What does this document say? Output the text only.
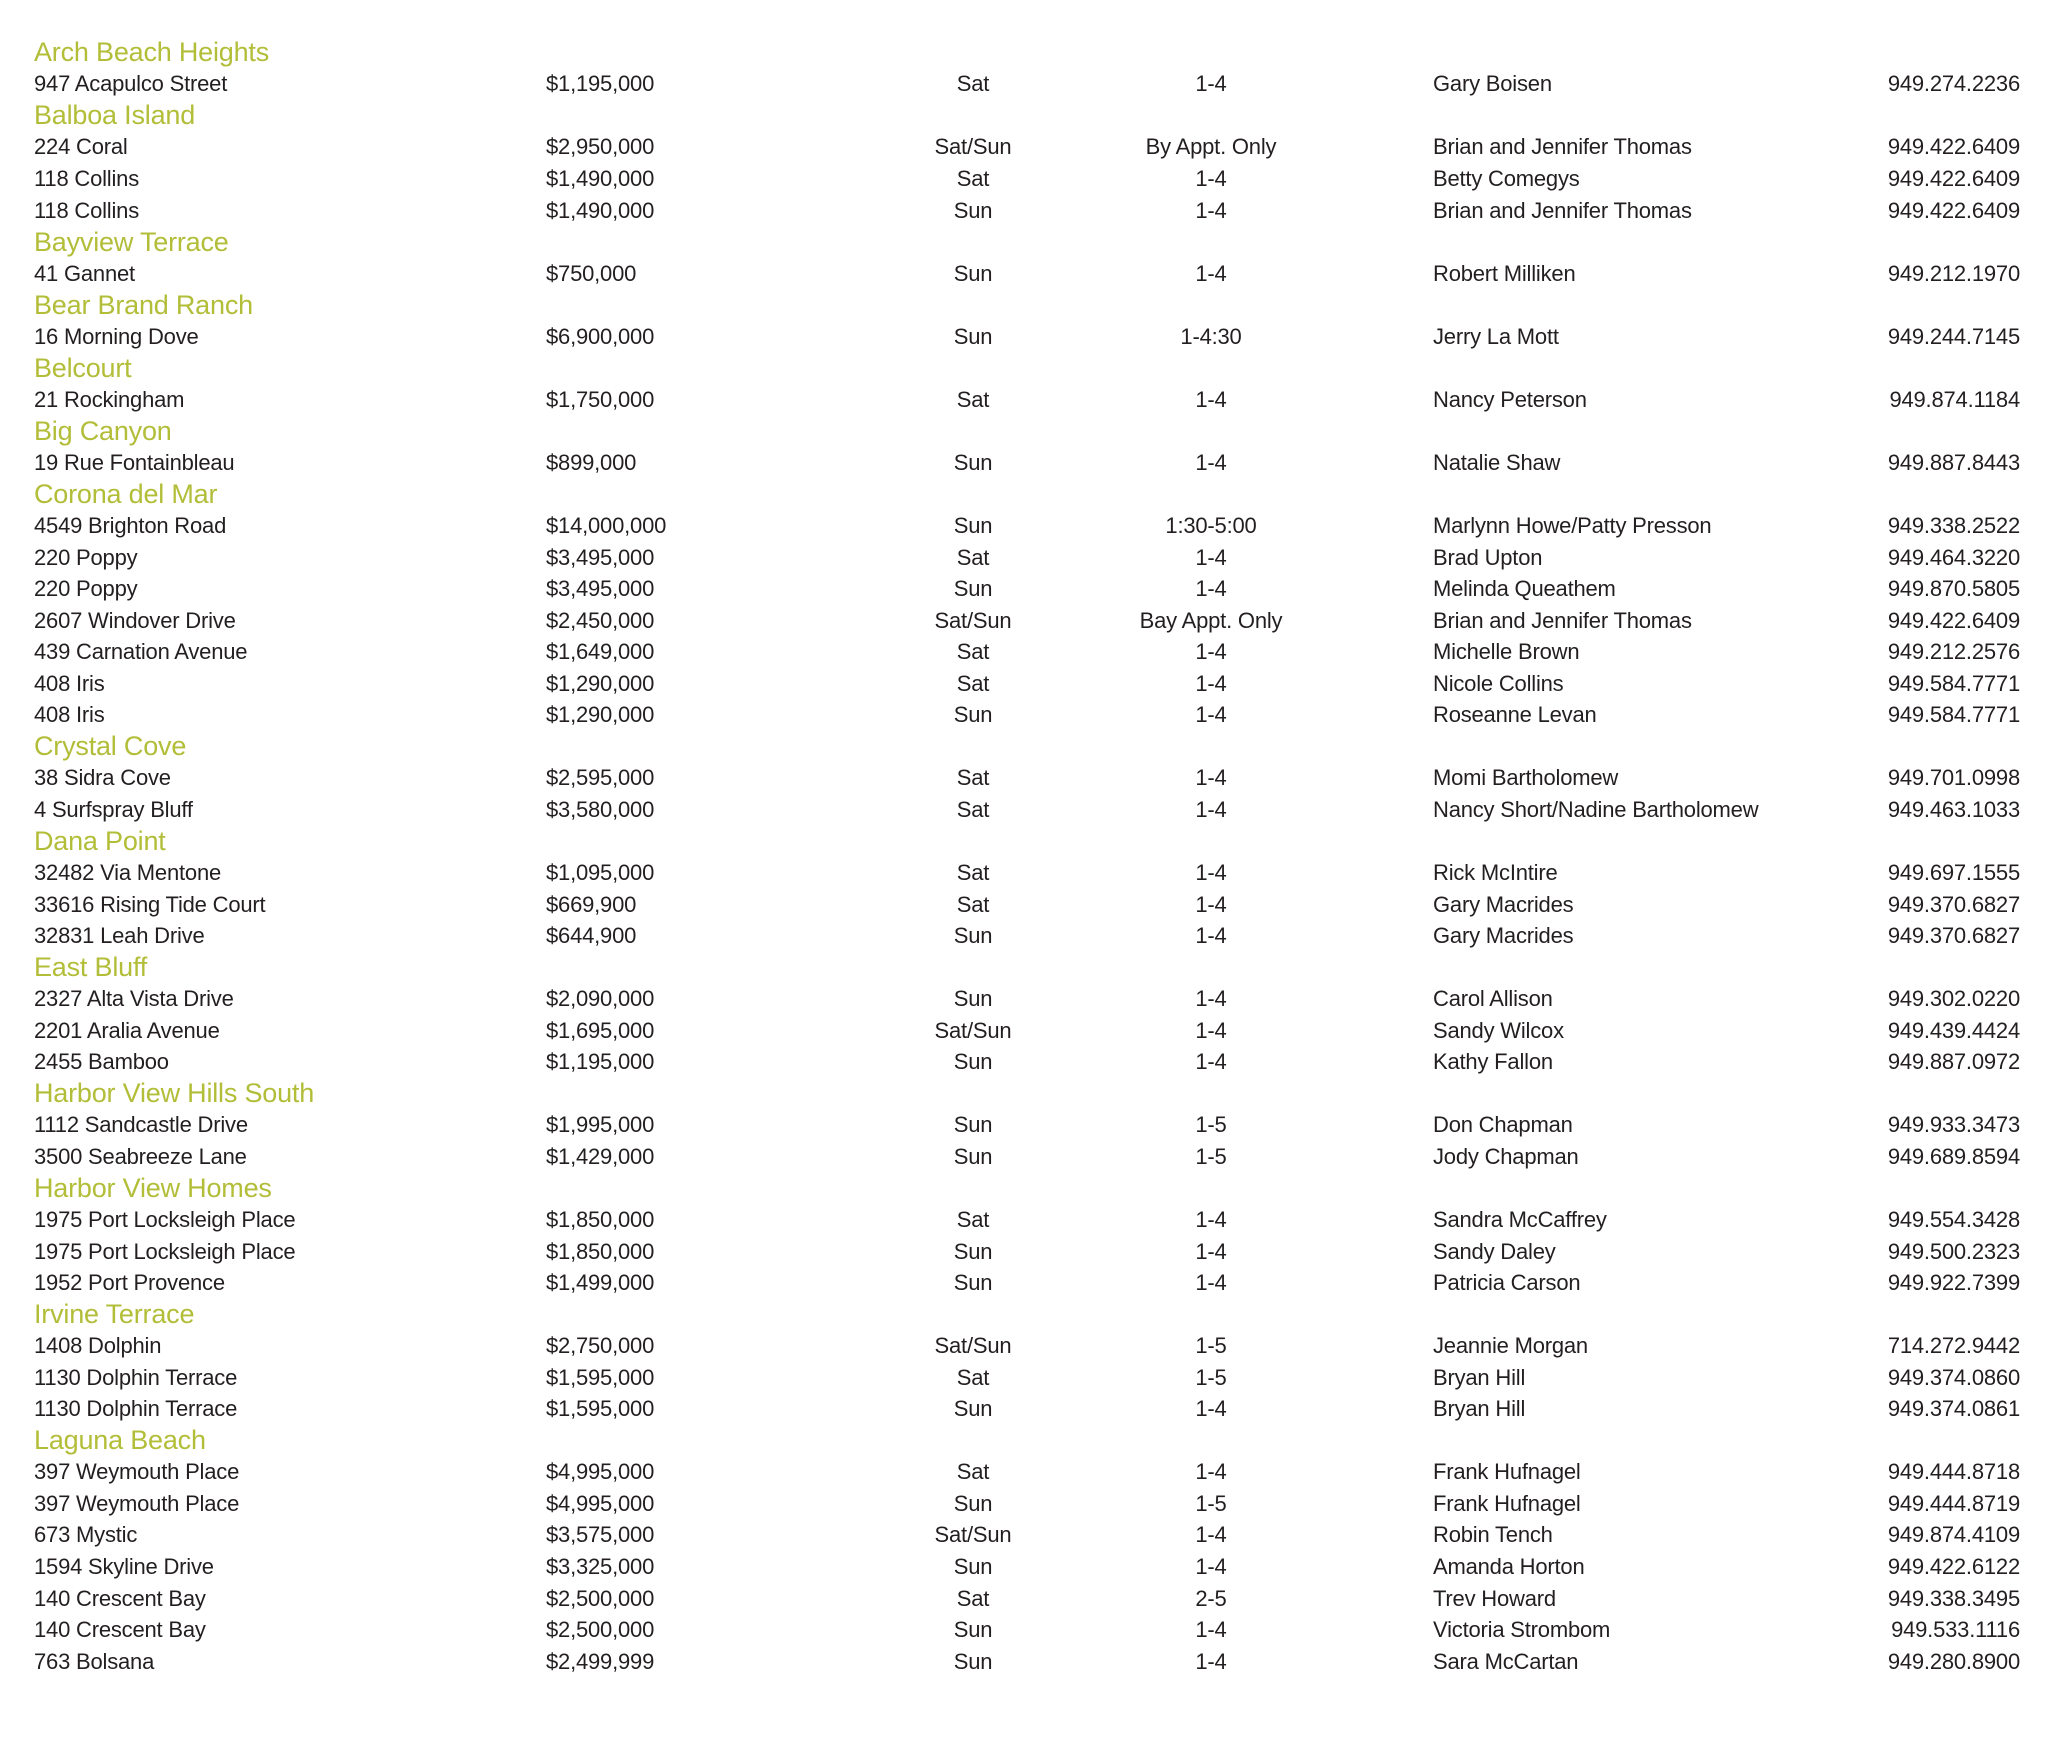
Arch Beach Heights
947 Acapulco Street	$1,195,000	Sat	1-4	Gary Boisen	949.274.2236
Balboa Island
224 Coral	$2,950,000	Sat/Sun	By Appt. Only	Brian and Jennifer Thomas	949.422.6409
118 Collins	$1,490,000	Sat	1-4	Betty Comegys	949.422.6409
118 Collins	$1,490,000	Sun	1-4	Brian and Jennifer Thomas	949.422.6409
Bayview Terrace
41 Gannet	$750,000	Sun	1-4	Robert Milliken	949.212.1970
Bear Brand Ranch
16 Morning Dove	$6,900,000	Sun	1-4:30	Jerry La Mott	949.244.7145
Belcourt
21 Rockingham	$1,750,000	Sat	1-4	Nancy Peterson	949.874.1184
Big Canyon
19 Rue Fontainbleau	$899,000	Sun	1-4	Natalie Shaw	949.887.8443
Corona del Mar
4549 Brighton Road	$14,000,000	Sun	1:30-5:00	Marlynn Howe/Patty Presson	949.338.2522
220 Poppy	$3,495,000	Sat	1-4	Brad Upton	949.464.3220
220 Poppy	$3,495,000	Sun	1-4	Melinda Queathem	949.870.5805
2607 Windover Drive	$2,450,000	Sat/Sun	Bay Appt. Only	Brian and Jennifer Thomas	949.422.6409
439 Carnation Avenue	$1,649,000	Sat	1-4	Michelle Brown	949.212.2576
408 Iris	$1,290,000	Sat	1-4	Nicole Collins	949.584.7771
408 Iris	$1,290,000	Sun	1-4	Roseanne Levan	949.584.7771
Crystal Cove
38 Sidra Cove	$2,595,000	Sat	1-4	Momi Bartholomew	949.701.0998
4 Surfspray Bluff	$3,580,000	Sat	1-4	Nancy Short/Nadine Bartholomew	949.463.1033
Dana Point
32482 Via Mentone	$1,095,000	Sat	1-4	Rick McIntire	949.697.1555
33616 Rising Tide Court	$669,900	Sat	1-4	Gary Macrides	949.370.6827
32831 Leah Drive	$644,900	Sun	1-4	Gary Macrides	949.370.6827
East Bluff
2327 Alta Vista Drive	$2,090,000	Sun	1-4	Carol Allison	949.302.0220
2201 Aralia Avenue	$1,695,000	Sat/Sun	1-4	Sandy Wilcox	949.439.4424
2455 Bamboo	$1,195,000	Sun	1-4	Kathy Fallon	949.887.0972
Harbor View Hills South
1112 Sandcastle Drive	$1,995,000	Sun	1-5	Don Chapman	949.933.3473
3500 Seabreeze Lane	$1,429,000	Sun	1-5	Jody Chapman	949.689.8594
Harbor View Homes
1975 Port Locksleigh Place	$1,850,000	Sat	1-4	Sandra McCaffrey	949.554.3428
1975 Port Locksleigh Place	$1,850,000	Sun	1-4	Sandy Daley	949.500.2323
1952 Port Provence	$1,499,000	Sun	1-4	Patricia Carson	949.922.7399
Irvine Terrace
1408 Dolphin	$2,750,000	Sat/Sun	1-5	Jeannie Morgan	714.272.9442
1130 Dolphin Terrace	$1,595,000	Sat	1-5	Bryan Hill	949.374.0860
1130 Dolphin Terrace	$1,595,000	Sun	1-4	Bryan Hill	949.374.0861
Laguna Beach
397 Weymouth Place	$4,995,000	Sat	1-4	Frank Hufnagel	949.444.8718
397 Weymouth Place	$4,995,000	Sun	1-5	Frank Hufnagel	949.444.8719
673 Mystic	$3,575,000	Sat/Sun	1-4	Robin Tench	949.874.4109
1594 Skyline Drive	$3,325,000	Sun	1-4	Amanda Horton	949.422.6122
140 Crescent Bay	$2,500,000	Sat	2-5	Trev Howard	949.338.3495
140 Crescent Bay	$2,500,000	Sun	1-4	Victoria Strombom	949.533.1116
763 Bolsana	$2,499,999	Sun	1-4	Sara McCartan	949.280.8900
